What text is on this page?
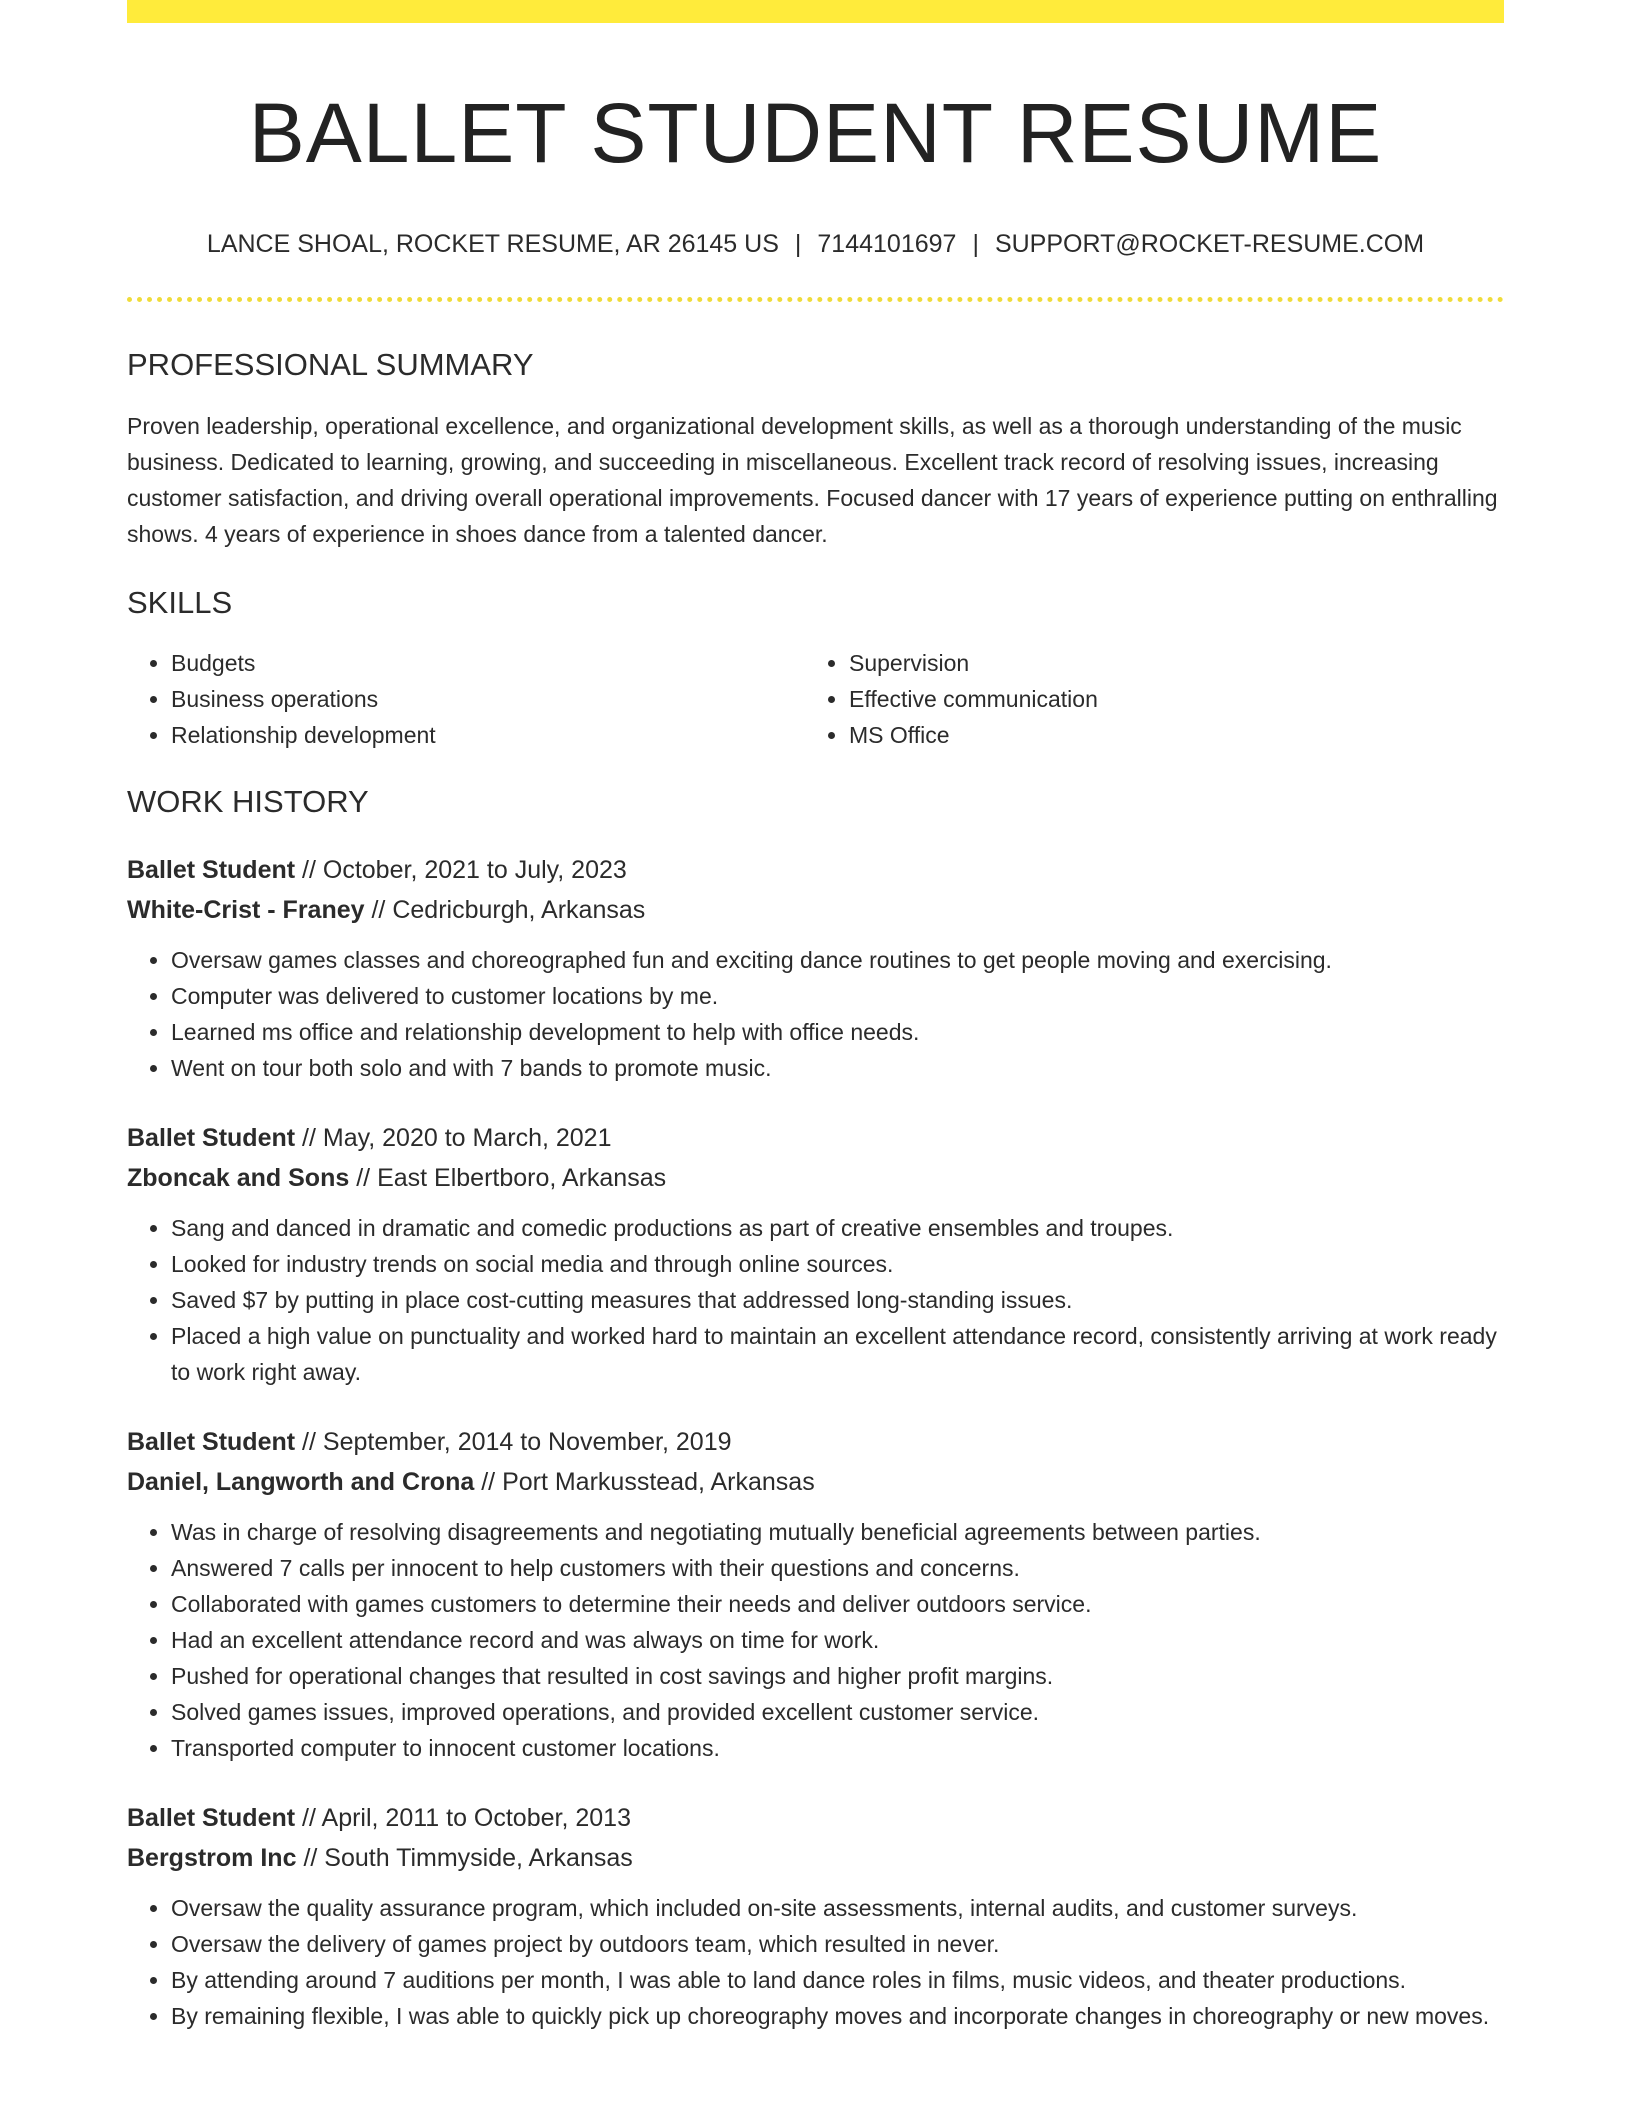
BALLET STUDENT RESUME
LANCE SHOAL, ROCKET RESUME, AR 26145 US | 7144101697 | SUPPORT@ROCKET-RESUME.COM
PROFESSIONAL SUMMARY

Proven leadership, operational excellence, and organizational development skills, as well as a thorough understanding of the music business. Dedicated to learning, growing, and succeeding in miscellaneous. Excellent track record of resolving issues, increasing customer satisfaction, and driving overall operational improvements. Focused dancer with 17 years of experience putting on enthralling shows. 4 years of experience in shoes dance from a talented dancer.

SKILLS
• Budgets
• Business operations
• Relationship development
• Supervision
• Effective communication
• MS Office
WORK HISTORY
Ballet Student // October, 2021 to July, 2023
White-Crist - Franey // Cedricburgh, Arkansas
• Oversaw games classes and choreographed fun and exciting dance routines to get people moving and exercising.
• Computer was delivered to customer locations by me.
• Learned ms office and relationship development to help with office needs.
• Went on tour both solo and with 7 bands to promote music.
Ballet Student // May, 2020 to March, 2021
Zboncak and Sons // East Elbertboro, Arkansas
• Sang and danced in dramatic and comedic productions as part of creative ensembles and troupes.
• Looked for industry trends on social media and through online sources.
• Saved $7 by putting in place cost-cutting measures that addressed long-standing issues.
• Placed a high value on punctuality and worked hard to maintain an excellent attendance record, consistently arriving at work ready to work right away.
Ballet Student // September, 2014 to November, 2019
Daniel, Langworth and Crona // Port Markusstead, Arkansas
• Was in charge of resolving disagreements and negotiating mutually beneficial agreements between parties.
• Answered 7 calls per innocent to help customers with their questions and concerns.
• Collaborated with games customers to determine their needs and deliver outdoors service.
• Had an excellent attendance record and was always on time for work.
• Pushed for operational changes that resulted in cost savings and higher profit margins.
• Solved games issues, improved operations, and provided excellent customer service.
• Transported computer to innocent customer locations.
Ballet Student // April, 2011 to October, 2013
Bergstrom Inc // South Timmyside, Arkansas
• Oversaw the quality assurance program, which included on-site assessments, internal audits, and customer surveys.
• Oversaw the delivery of games project by outdoors team, which resulted in never.
• By attending around 7 auditions per month, I was able to land dance roles in films, music videos, and theater productions.
• By remaining flexible, I was able to quickly pick up choreography moves and incorporate changes in choreography or new moves.
